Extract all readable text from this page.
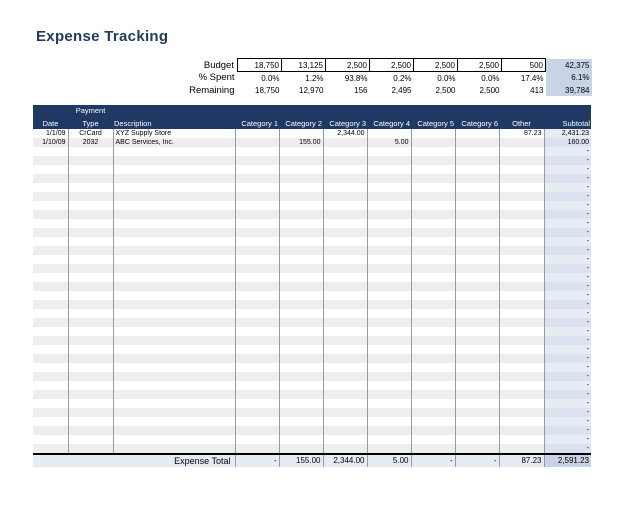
Expense Tracking
Budget	18,750	13,125	2,500	2,500	2,500	2,500	500	42,375
% Spent	0.0%	1.2%	93.8%	0.2%	0.0%	0.0%	17.4%	6.1%
Remaining	18,750	12,970	156	2,495	2,500	2,500	413	39,784
	Payment									
Date	Type	Description	Category 1	Category 2	Category 3	Category 4	Category 5	Category 6	Other	Subtotal
1/1/09	CrCard	XYZ Supply Store			2,344.00				87.23	2,431.23
1/10/09	2032	ABC Services, Inc.		155.00		5.00				160.00
										-
										-
										-
										-
										-
										-
										-
										-
										-
										-
										-
										-
										-
										-
										-
										-
										-
										-
										-
										-
										-
										-
										-
										-
										-
										-
										-
										-
										-
										-
										-
										-
										-
										-
Expense Total			-	155.00	2,344.00	5.00	-	-	87.23	2,591.23
